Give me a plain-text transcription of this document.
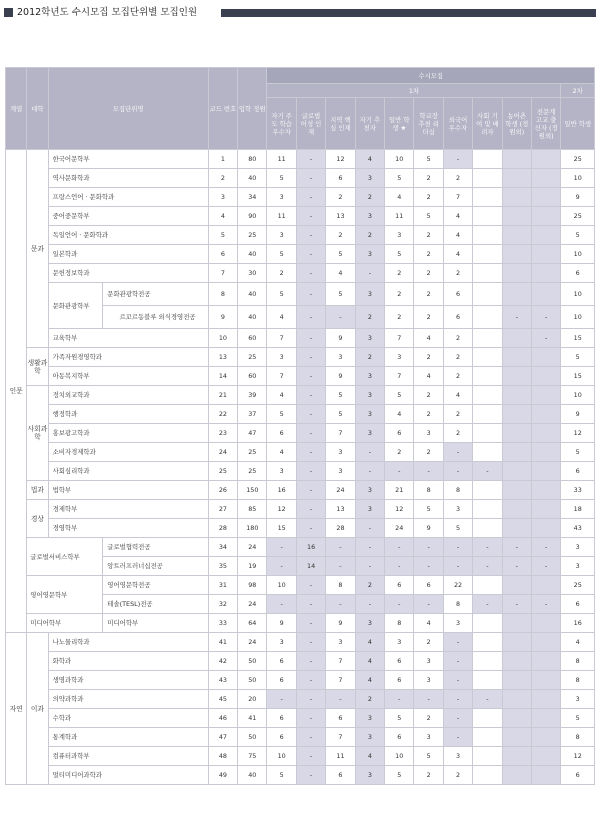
2012학년도 수시모집 모집단위별 모집인원
계열	대학	모집단위명		코드 번호	입학 정원	수시모집										
						1차										2차
						자기 주도 학습 우수자	글로벌 어성 인재	지역 핵심 인재	자기 추천자	일반 학생 ★	학교장 추천 리더십	외국어 우수자	사회 기여 및 배려자	농어촌 학생 (정원외)	전문계 고교 출신자 (정원외)	일반 학생
인문	문과	한국어문학부		1	80	11	-	12	4	10	5	-				25
		역사문화학과		2	40	5	-	6	3	5	2	2				10
		프랑스언어 · 문화학과		3	34	3	-	2	2	4	2	7				9
		중어중문학부		4	90	11	-	13	3	11	5	4				25
		독일언어 · 문화학과		5	25	3	-	2	2	3	2	4				5
		일본학과		6	40	5	-	5	3	5	2	4				10
		문헌정보학과		7	30	2	-	4	-	2	2	2				6
		문화관광학부	문화관광학전공	8	40	5	-	5	3	2	2	6				10
			르꼬르동블루 외식경영전공	9	40	4	-	-	2	2	2	6		-	-	10
		교육학부		10	60	7	-	9	3	7	4	2			-	15
	생활과학	가족자원경영학과		13	25	3	-	3	2	3	2	2				5
		아동복지학부		14	60	7	-	9	3	7	4	2				15
	사회과학	정치외교학과		21	39	4	-	5	3	5	2	4				10
		행정학과		22	37	5	-	5	3	4	2	2				9
		홍보광고학과		23	47	6	-	7	3	6	3	2				12
		소비자경제학과		24	25	4	-	3	-	2	2	-				5
		사회심리학과		25	25	3	-	3	-	-	-	-	-			6
	법과	법학부		26	150	16	-	24	3	21	8	8				33
	경상	경제학부		27	85	12	-	13	3	12	5	3				18
		경영학부		28	180	15	-	28	-	24	9	5				43
	글로벌서비스학부		글로벌협력전공	34	24	-	16	-	-	-	-	-	-	-	-	3
			앙트러프러너십전공	35	19	-	14	-	-	-	-	-	-	-	-	3
	영어영문학부		영어영문학전공	31	98	10	-	8	2	6	6	22				25
			테솔(TESL)전공	32	24	-	-	-	-	-	-	8	-	-	-	6
	미디어학부		미디어학부	33	64	9	-	9	3	8	4	3				16
자연	이과	나노물리학과		41	24	3	-	3	4	3	2	-				4
		화학과		42	50	6	-	7	4	6	3	-				8
		생명과학과		43	50	6	-	7	4	6	3	-				8
		의약과학과		45	20	-	-	-	2	-	-	-	-			3
		수학과		46	41	6	-	6	3	5	2	-				5
		통계학과		47	50	6	-	7	3	6	3	-				8
		컴퓨터과학부		48	75	10	-	11	4	10	5	3				12
		멀티미디어과학과		49	40	5	-	6	3	5	2	2				6
